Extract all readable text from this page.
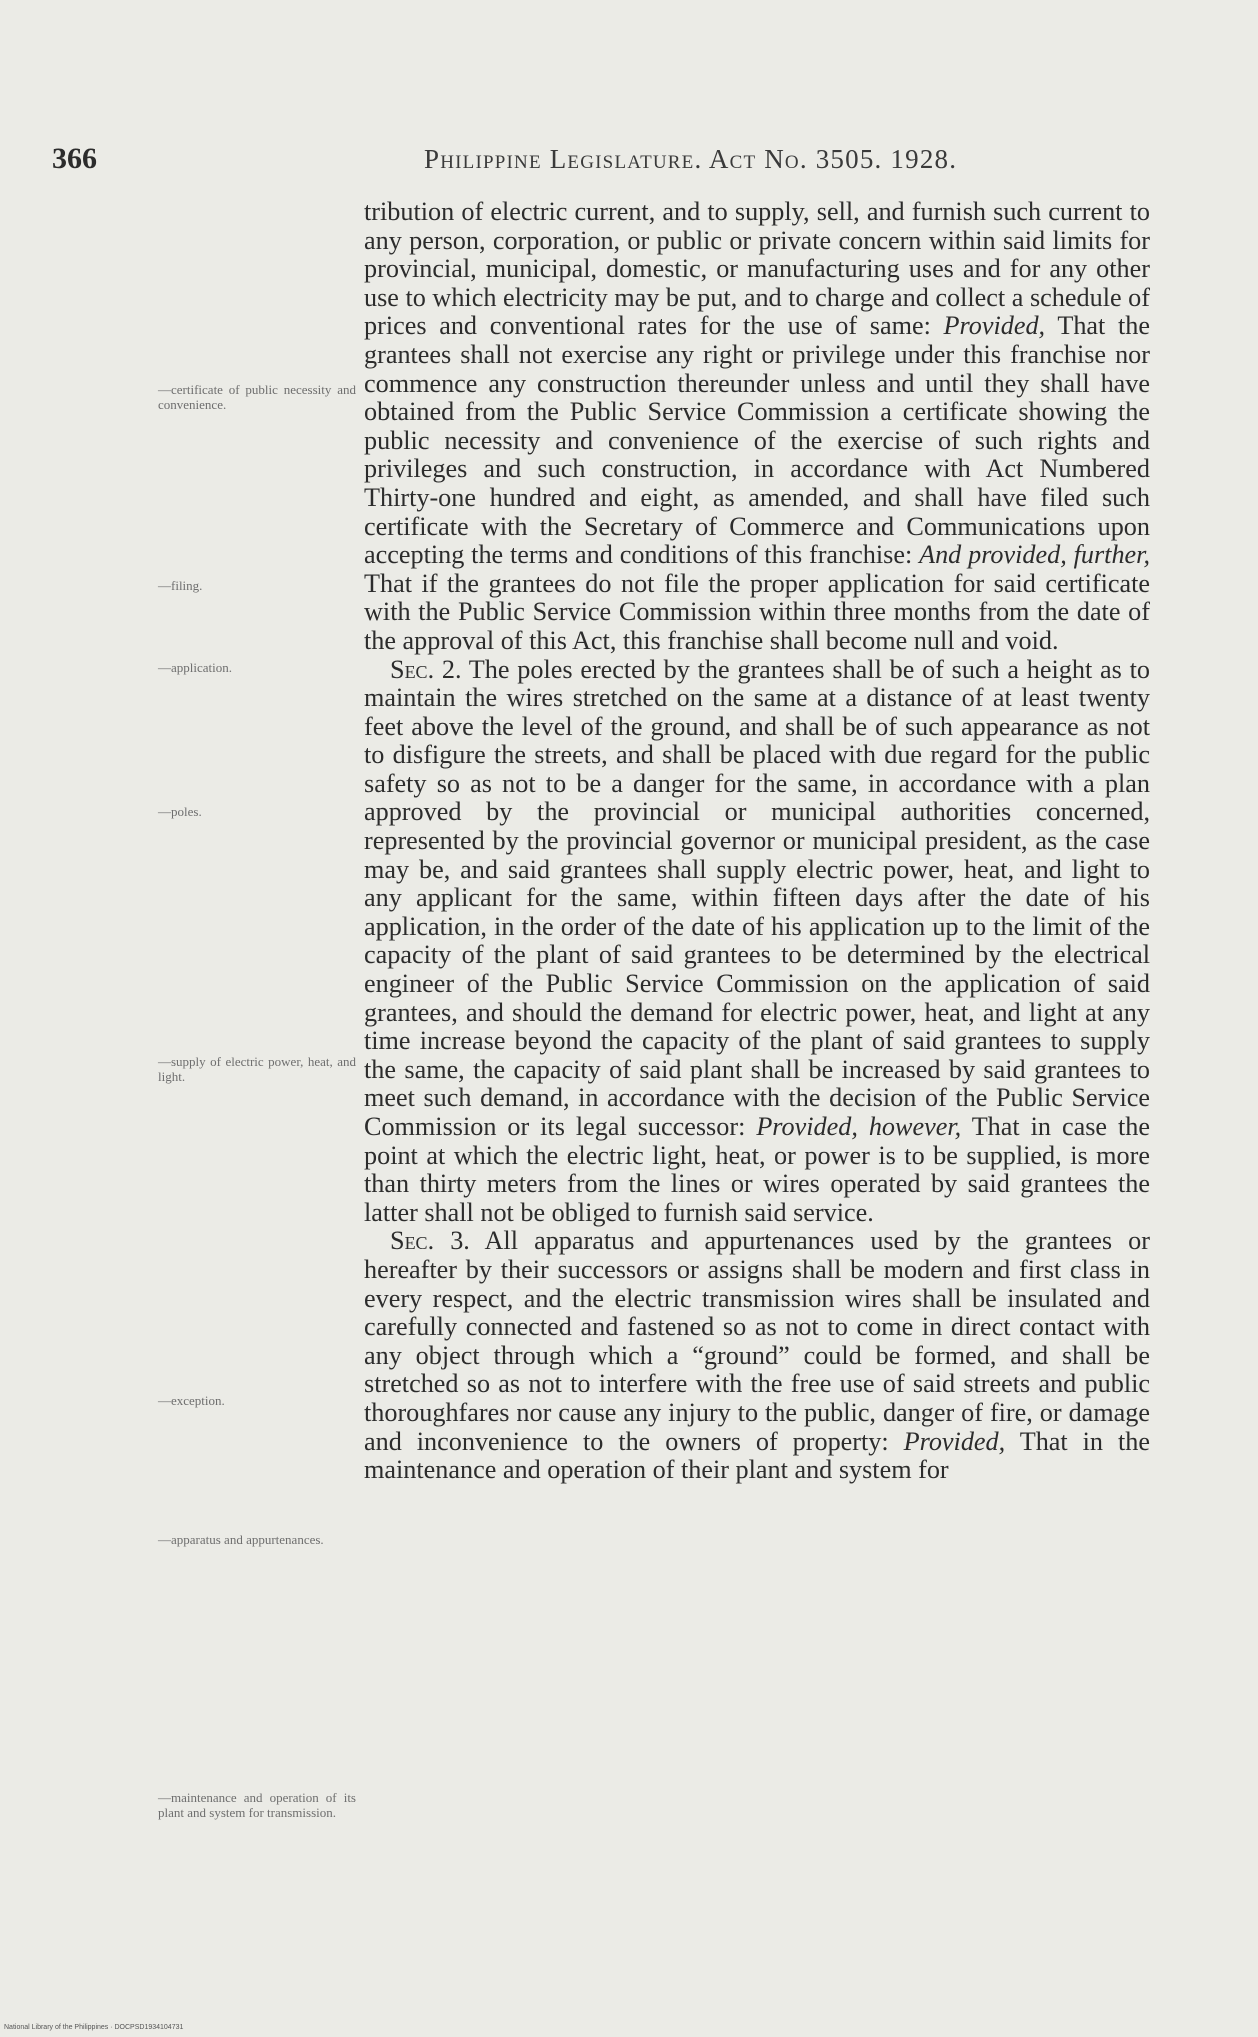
366	Philippine Legislature. Act No. 3505. 1928.
—certificate of public necessity and convenience.
—filing.
—application.
—poles.
—supply of electric power, heat, and light.
—exception.
—apparatus and appurtenances.
—maintenance and operation of its plant and system for transmission.

tribution of electric current, and to supply, sell, and furnish such current to any person, corporation, or public or private concern within said limits for provincial, municipal, domestic, or manufacturing uses and for any other use to which electricity may be put, and to charge and collect a schedule of prices and conventional rates for the use of same: Provided, That the grantees shall not exercise any right or privilege under this franchise nor commence any construction thereunder unless and until they shall have obtained from the Public Service Commission a certificate showing the public necessity and convenience of the exercise of such rights and privileges and such construction, in accordance with Act Numbered Thirty-one hundred and eight, as amended, and shall have filed such certificate with the Secretary of Commerce and Communications upon accepting the terms and conditions of this franchise: And provided, further, That if the grantees do not file the proper application for said certificate with the Public Service Commission within three months from the date of the approval of this Act, this franchise shall become null and void.

Sec. 2. The poles erected by the grantees shall be of such a height as to maintain the wires stretched on the same at a distance of at least twenty feet above the level of the ground, and shall be of such appearance as not to disfigure the streets, and shall be placed with due regard for the public safety so as not to be a danger for the same, in accordance with a plan approved by the provincial or municipal authorities concerned, represented by the provincial governor or municipal president, as the case may be, and said grantees shall supply electric power, heat, and light to any applicant for the same, within fifteen days after the date of his application, in the order of the date of his application up to the limit of the capacity of the plant of said grantees to be determined by the electrical engineer of the Public Service Commission on the application of said grantees, and should the demand for electric power, heat, and light at any time increase beyond the capacity of the plant of said grantees to supply the same, the capacity of said plant shall be increased by said grantees to meet such demand, in accordance with the decision of the Public Service Commission or its legal successor: Provided, however, That in case the point at which the electric light, heat, or power is to be supplied, is more than thirty meters from the lines or wires operated by said grantees the latter shall not be obliged to furnish said service.

Sec. 3. All apparatus and appurtenances used by the grantees or hereafter by their successors or assigns shall be modern and first class in every respect, and the electric transmission wires shall be insulated and carefully connected and fastened so as not to come in direct contact with any object through which a “ground” could be formed, and shall be stretched so as not to interfere with the free use of said streets and public thoroughfares nor cause any injury to the public, danger of fire, or damage and inconvenience to the owners of property: Provided, That in the maintenance and operation of their plant and system for

National Library of the Philippines · DOCPSD1934104731
